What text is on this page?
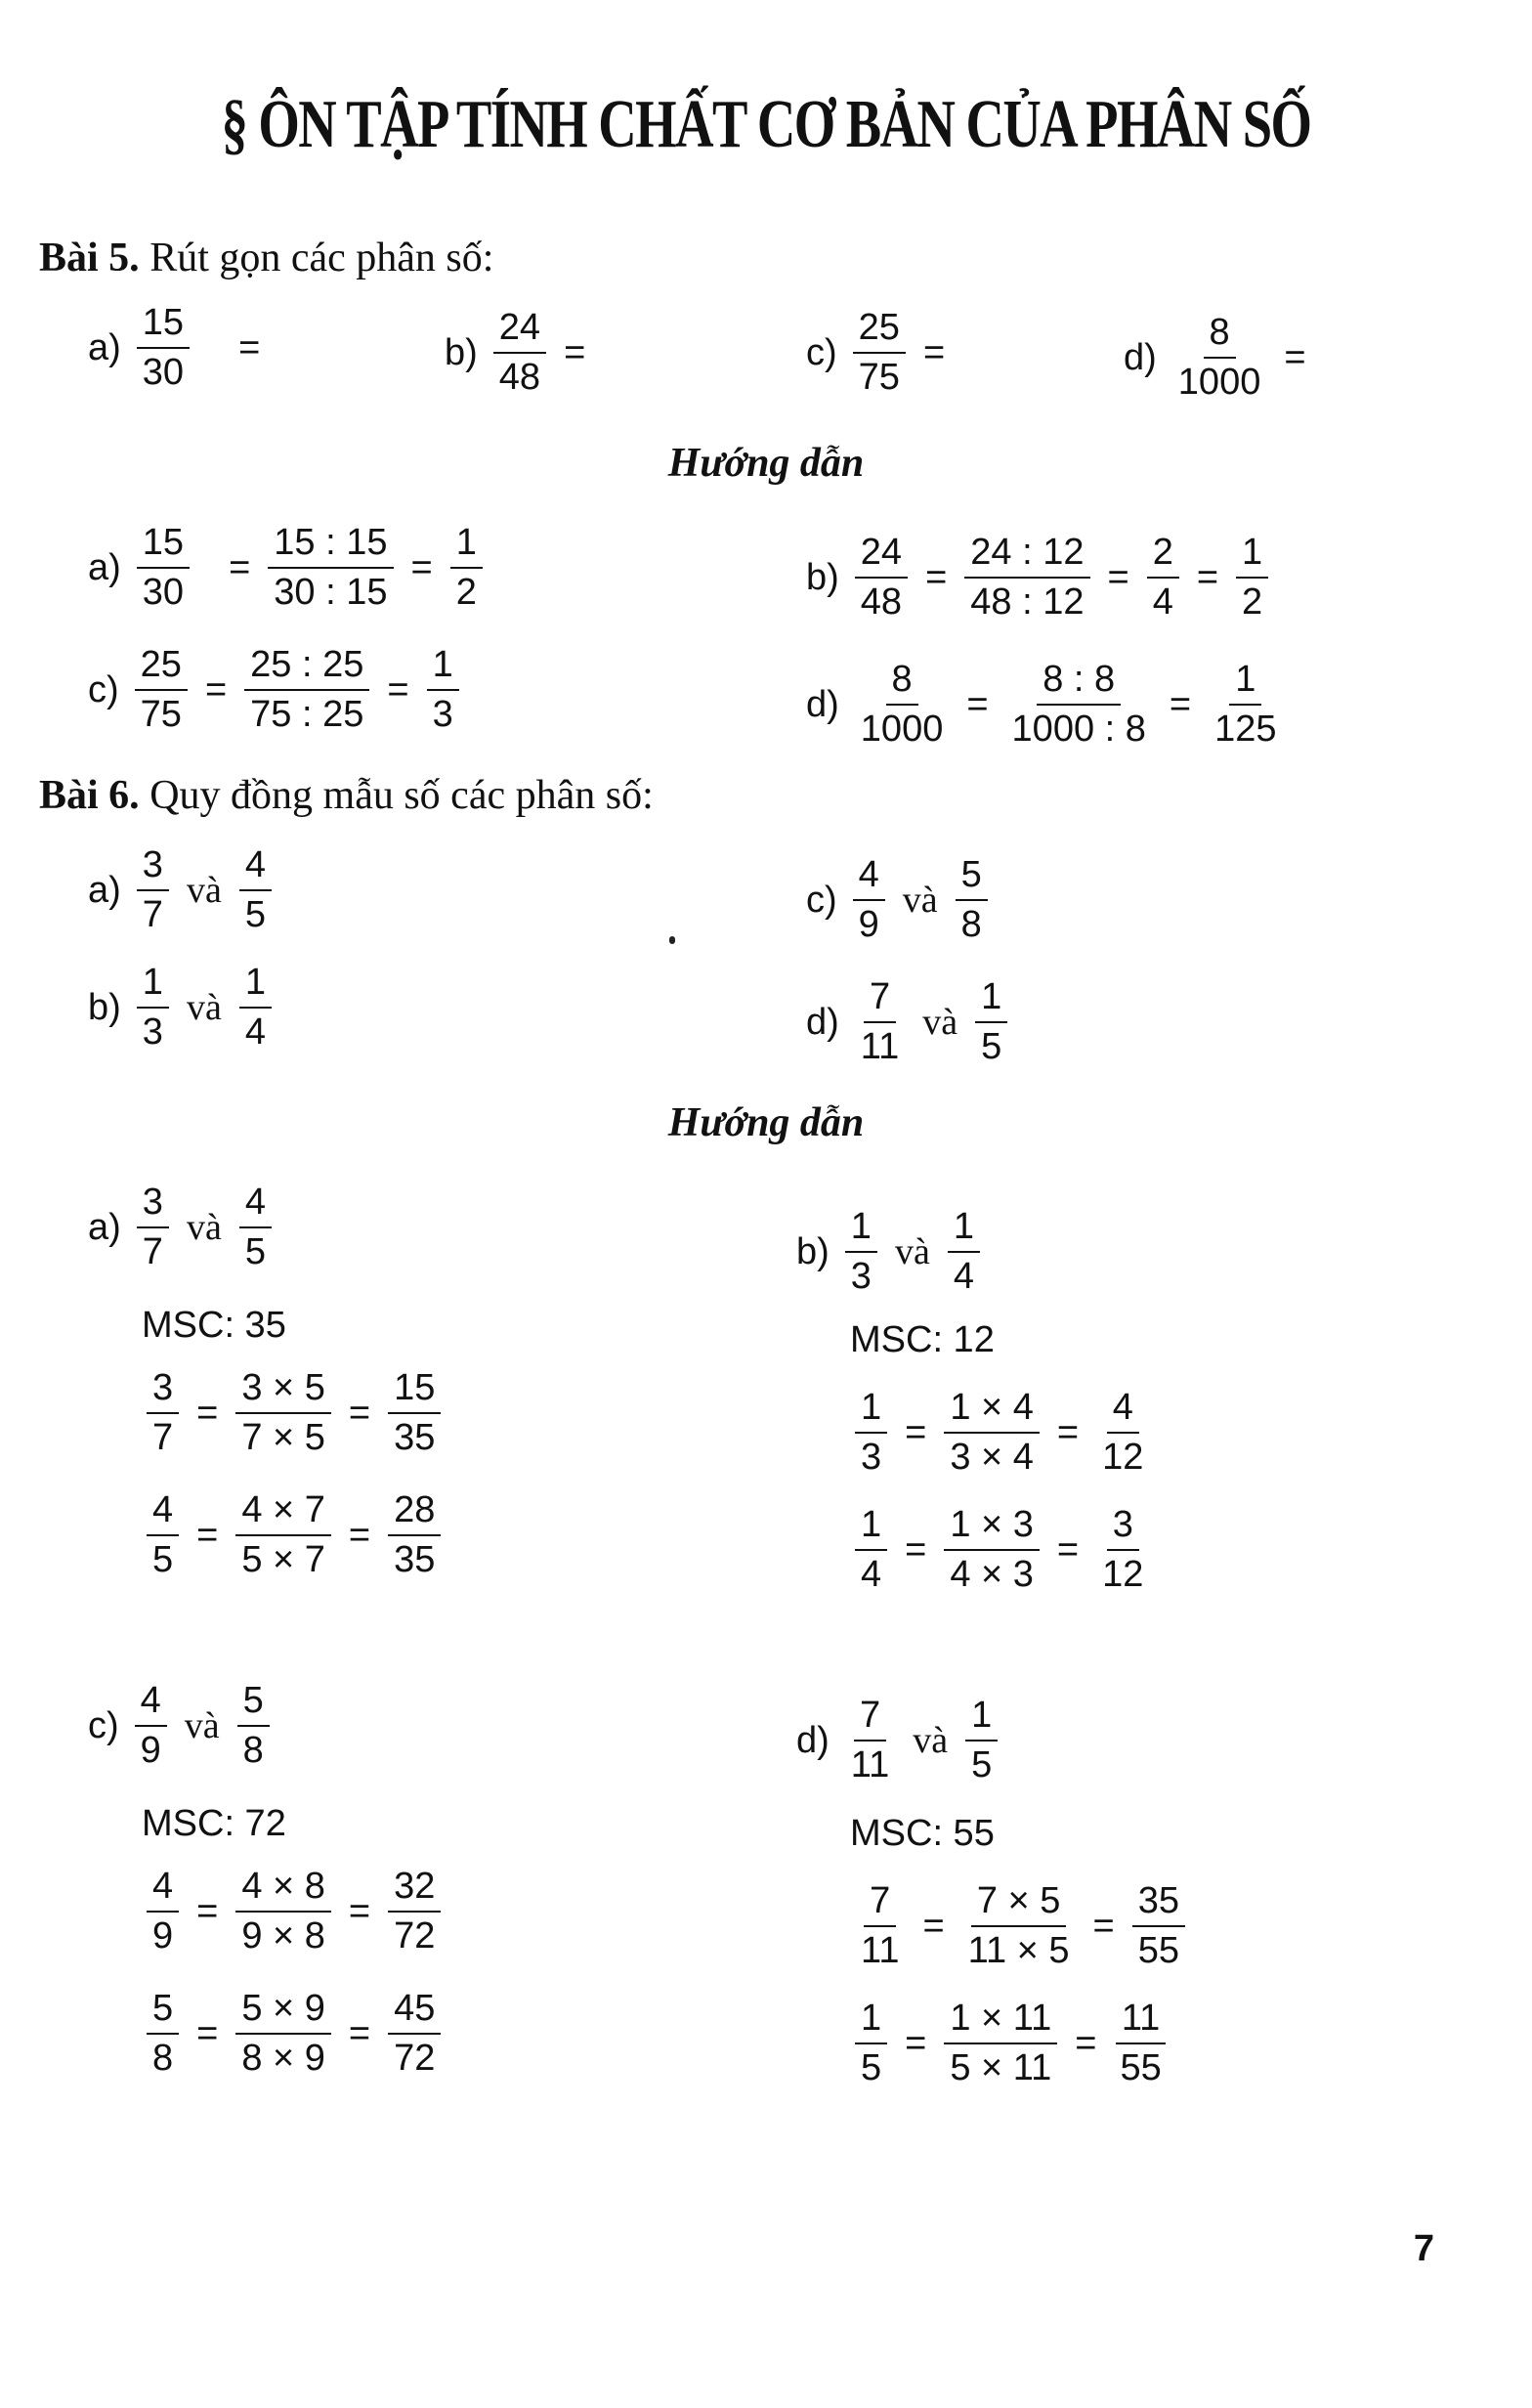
§ ÔN TẬP TÍNH CHẤT CƠ BẢN CỦA PHÂN SỐ
Bài 5. Rút gọn các phân số:
$a) \frac{15}{30}$ =	$b) \frac{24}{48}$ =	$c) \frac{25}{75}$ =	$d) \frac{8}{1000}$ =
Hướng dẫn
$a) \frac{15}{30} = \frac{15 : 15}{30 : 15} = \frac{1}{2}$	$b) \frac{24}{48} = \frac{24 : 12}{48 : 12} = \frac{2}{4} = \frac{1}{2}$
$c) \frac{25}{75} = \frac{25 : 25}{75 : 25} = \frac{1}{3}$	$d) \frac{8}{1000} = \frac{8 : 8}{1000 : 8} = \frac{1}{125}$
Bài 6. Quy đồng mẫu số các phân số:
$a) \frac{3}{7}$ và $\frac{4}{5}$
$b) \frac{1}{3}$ và $\frac{1}{4}$
$c) \frac{4}{9}$ và $\frac{5}{8}$
$d) \frac{7}{11}$ và $\frac{1}{5}$
Hướng dẫn
$a) \frac{3}{7}$ và $\frac{4}{5}$
MSC: 35
$\frac{3}{7} = \frac{3 \times 5}{7 \times 5} = \frac{15}{35}$
$\frac{4}{5} = \frac{4 \times 7}{5 \times 7} = \frac{28}{35}$
$b) \frac{1}{3}$ và $\frac{1}{4}$
MSC: 12
$\frac{1}{3} = \frac{1 \times 4}{3 \times 4} = \frac{4}{12}$
$\frac{1}{4} = \frac{1 \times 3}{4 \times 3} = \frac{3}{12}$
$c) \frac{4}{9}$ và $\frac{5}{8}$
MSC: 72
$\frac{4}{9} = \frac{4 \times 8}{9 \times 8} = \frac{32}{72}$
$\frac{5}{8} = \frac{5 \times 9}{8 \times 9} = \frac{45}{72}$
$d) \frac{7}{11}$ và $\frac{1}{5}$
MSC: 55
$\frac{7}{11} = \frac{7 \times 5}{11 \times 5} = \frac{35}{55}$
$\frac{1}{5} = \frac{1 \times 11}{5 \times 11} = \frac{11}{55}$
7
